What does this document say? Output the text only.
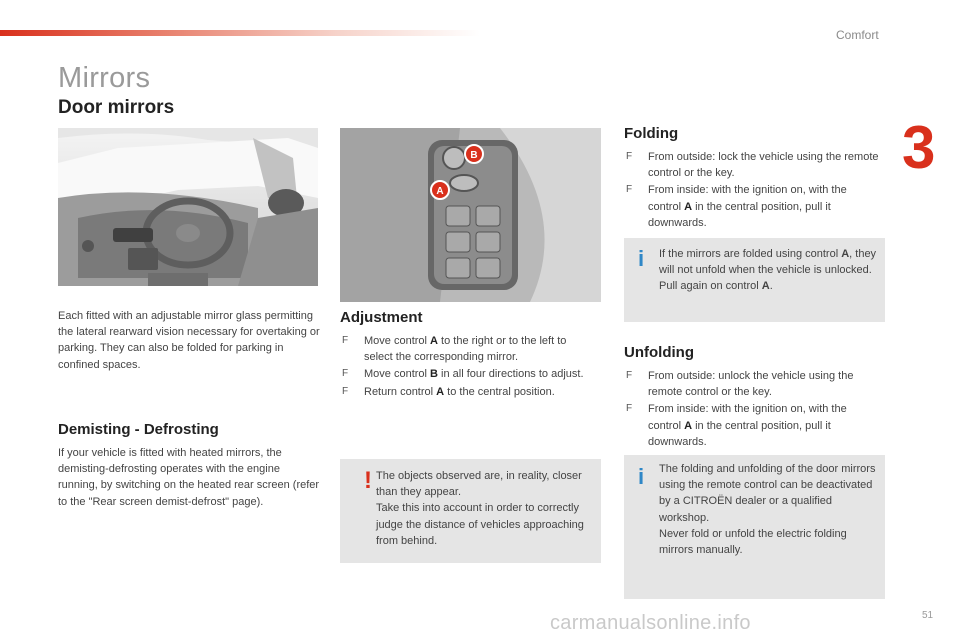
Comfort
3
Mirrors
Door mirrors
B
A
Each fitted with an adjustable mirror glass permitting the lateral rearward vision necessary for overtaking or parking. They can also be folded for parking in confined spaces.
Demisting - Defrosting
If your vehicle is fitted with heated mirrors, the demisting-defrosting operates with the engine running, by switching on the heated rear screen (refer to the "Rear screen demist-defrost" page).
Adjustment
F Move control A to the right or to the left to select the corresponding mirror.
F Move control B in all four directions to adjust.
F Return control A to the central position.
! The objects observed are, in reality, closer than they appear.
Take this into account in order to correctly judge the distance of vehicles approaching from behind.
Folding
F From outside: lock the vehicle using the remote control or the key.
F From inside: with the ignition on, with the control A in the central position, pull it downwards.
i If the mirrors are folded using control A, they will not unfold when the vehicle is unlocked. Pull again on control A.
Unfolding
F From outside: unlock the vehicle using the remote control or the key.
F From inside: with the ignition on, with the control A in the central position, pull it downwards.
i The folding and unfolding of the door mirrors using the remote control can be deactivated by a CITROËN dealer or a qualified workshop.
Never fold or unfold the electric folding mirrors manually.
carmanualsonline.info	51
